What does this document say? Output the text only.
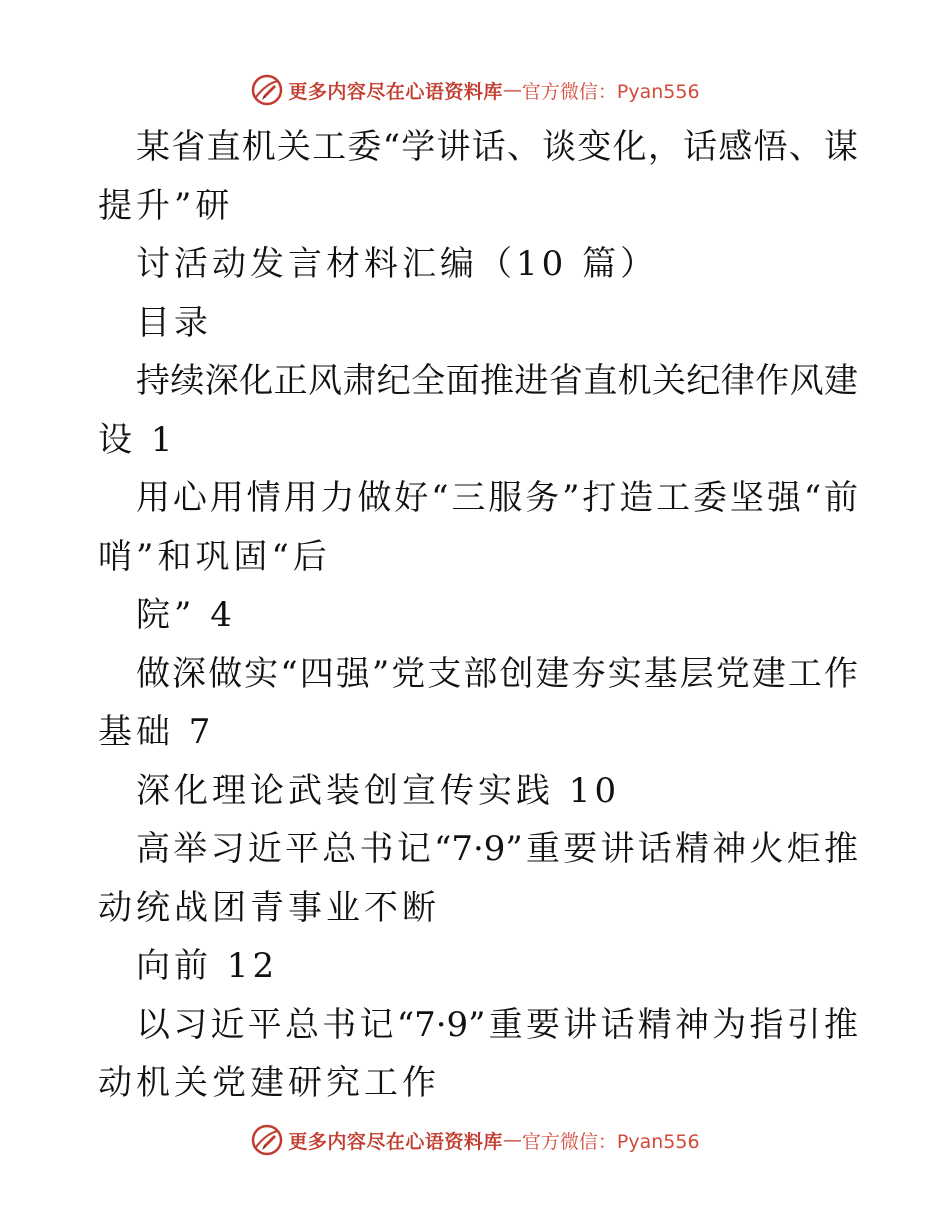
更多内容尽在心语资料库 — 官方微信：Pyan556
某省直机关工委“学讲话、谈变化，话感悟、谋
提升”研
讨活动发言材料汇编（10 篇）
目录
持续深化正风肃纪全面推进省直机关纪律作风建
设 1
用心用情用力做好“三服务”打造工委坚强“前
哨”和巩固“后
院” 4
做深做实“四强”党支部创建夯实基层党建工作
基础 7
深化理论武装创宣传实践 10
高举习近平总书记“7·9”重要讲话精神火炬推
动统战团青事业不断
向前 12
以习近平总书记“7·9”重要讲话精神为指引推
动机关党建研究工作
更多内容尽在心语资料库 — 官方微信：Pyan556
